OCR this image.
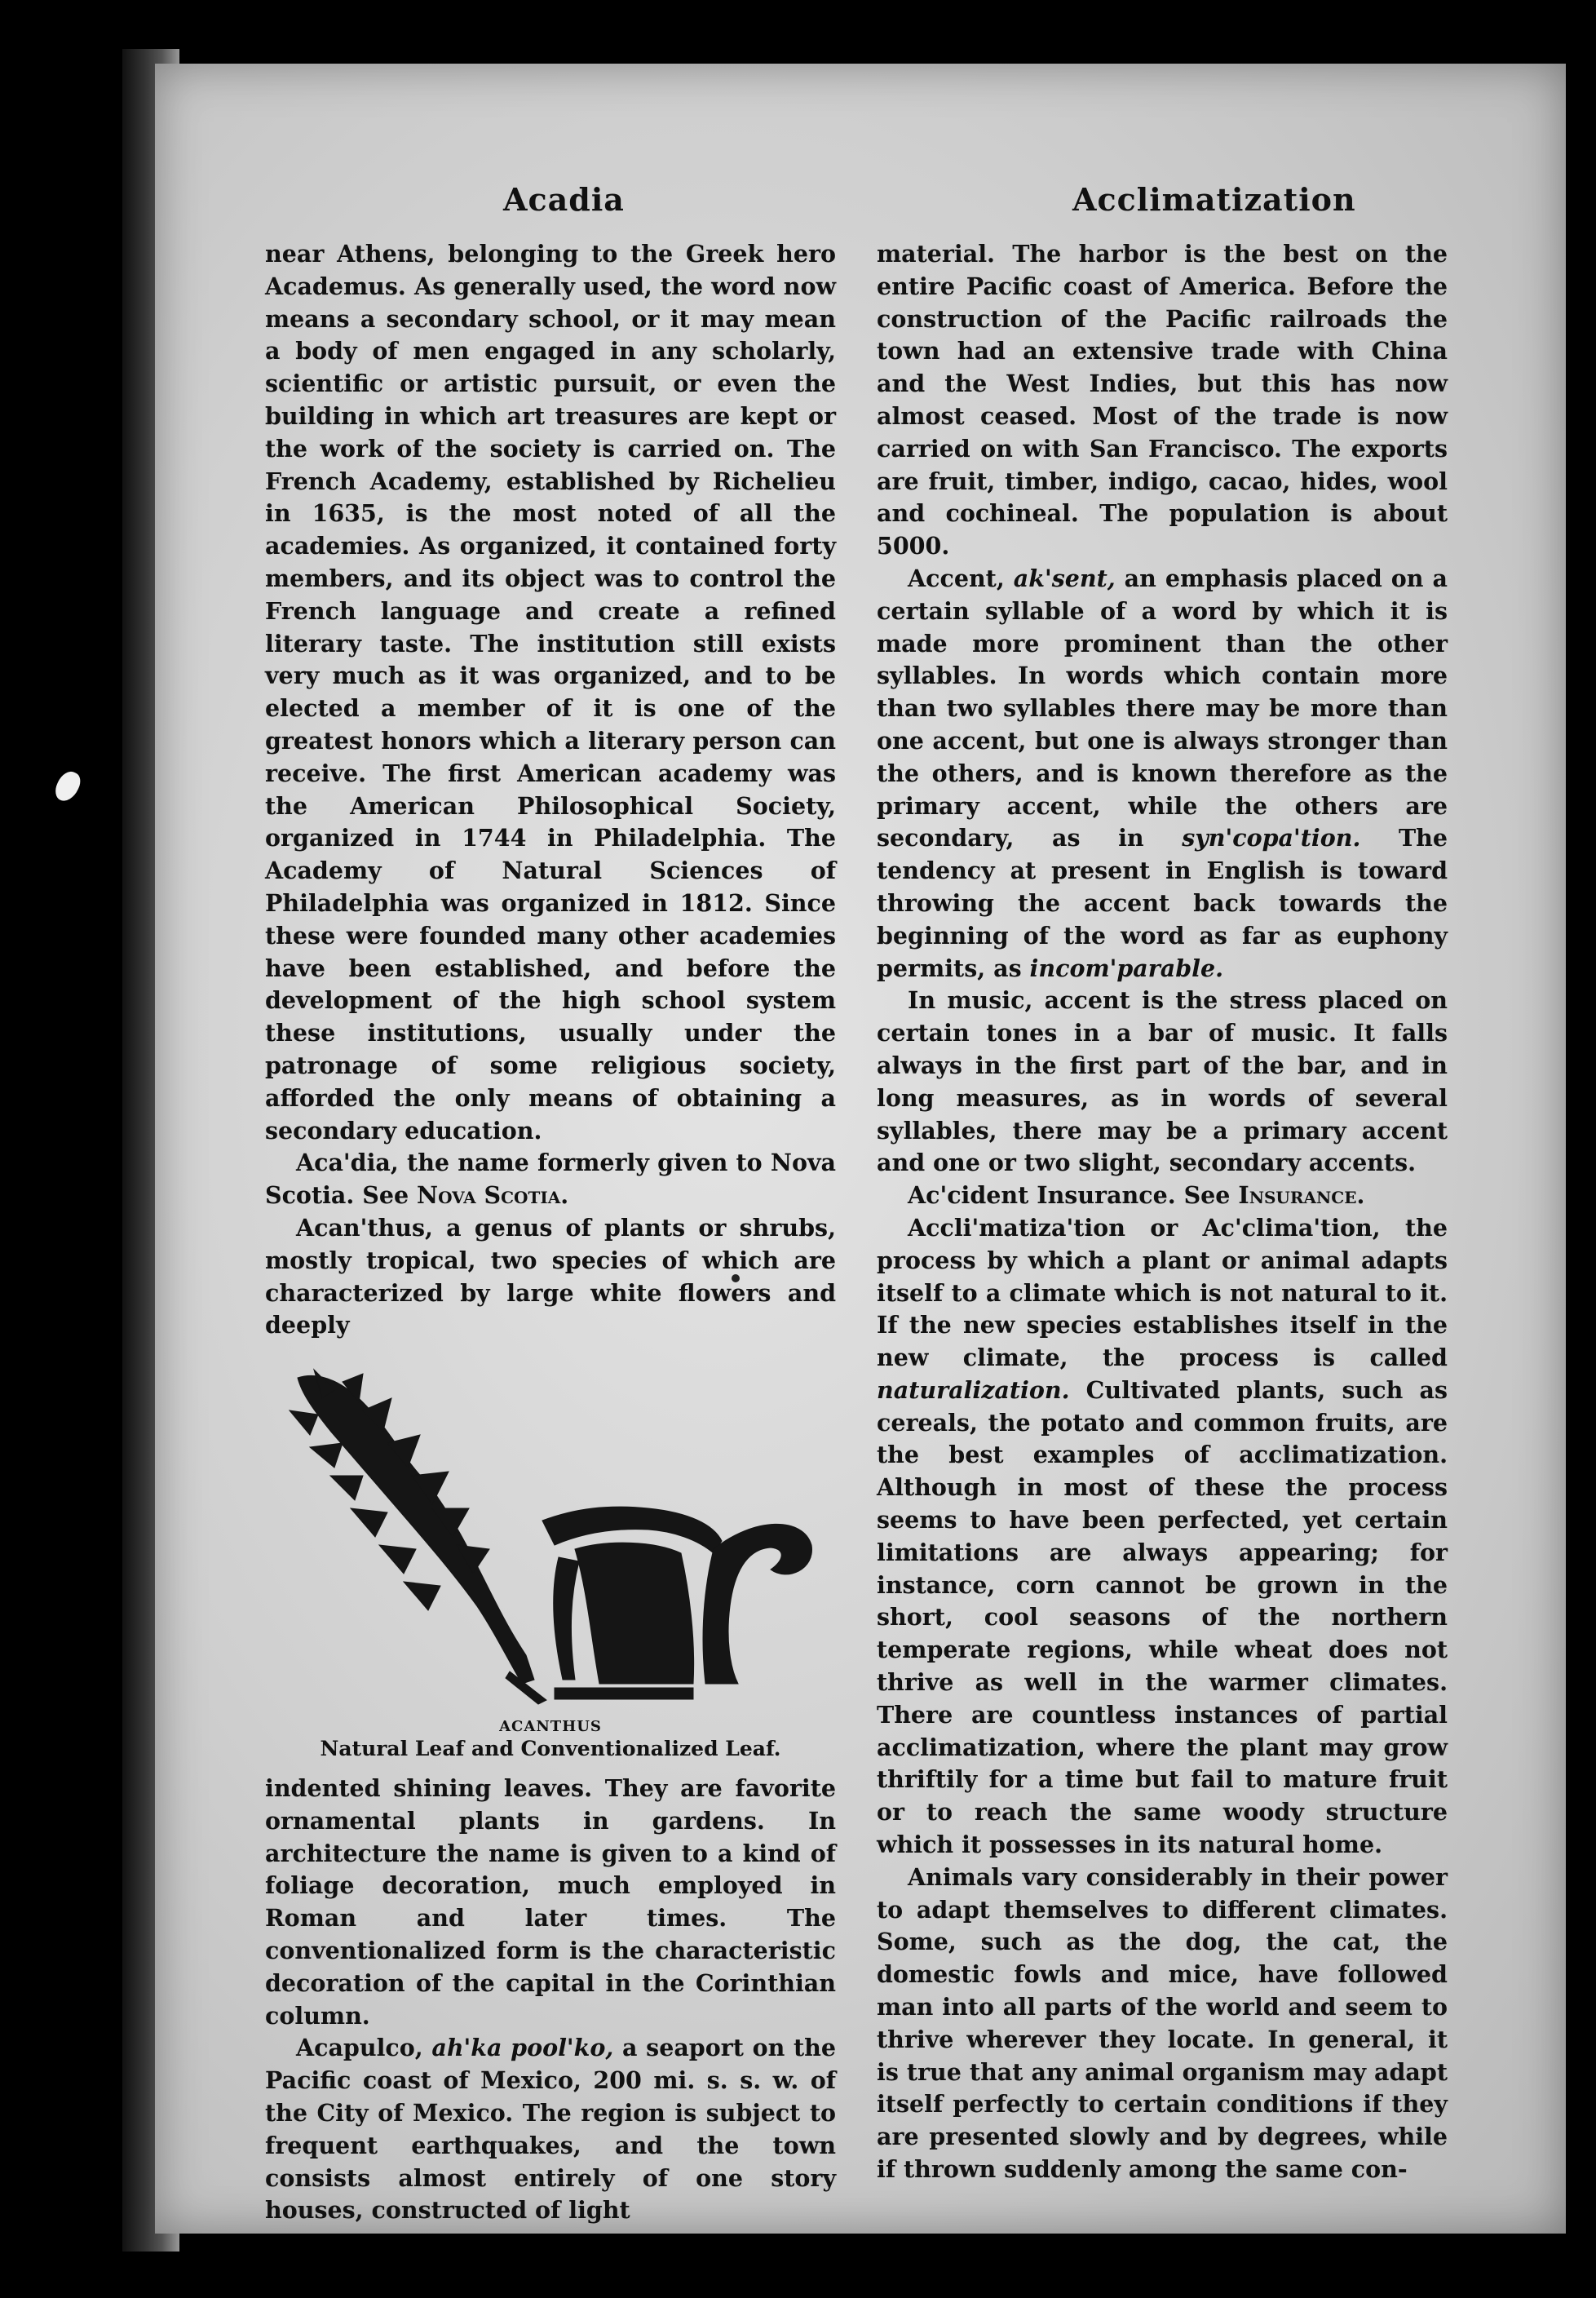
Acadia	Acclimatization

near Athens, belonging to the Greek hero Academus. As generally used, the word now means a secondary school, or it may mean a body of men engaged in any scholarly, scientific or artistic pursuit, or even the building in which art treasures are kept or the work of the society is carried on. The French Academy, established by Richelieu in 1635, is the most noted of all the academies. As organized, it contained forty members, and its object was to control the French language and create a refined literary taste. The institution still exists very much as it was organized, and to be elected a member of it is one of the greatest honors which a literary person can receive. The first American academy was the American Philosophical Society, organized in 1744 in Philadelphia. The Academy of Natural Sciences of Philadelphia was organized in 1812. Since these were founded many other academies have been established, and before the development of the high school system these institutions, usually under the patronage of some religious society, afforded the only means of obtaining a secondary education.

Aca'dia, the name formerly given to Nova Scotia. See Nova Scotia.

Acan'thus, a genus of plants or shrubs, mostly tropical, two species of which are characterized by large white flowers and deeply

ACANTHUS

Natural Leaf and Conventionalized Leaf.

indented shining leaves. They are favorite ornamental plants in gardens. In architecture the name is given to a kind of foliage decoration, much employed in Roman and later times. The conventionalized form is the characteristic decoration of the capital in the Corinthian column.

Acapulco, ah'ka pool'ko, a seaport on the Pacific coast of Mexico, 200 mi. s. s. w. of the City of Mexico. The region is subject to frequent earthquakes, and the town consists almost entirely of one story houses, constructed of light

material. The harbor is the best on the entire Pacific coast of America. Before the construction of the Pacific railroads the town had an extensive trade with China and the West Indies, but this has now almost ceased. Most of the trade is now carried on with San Francisco. The exports are fruit, timber, indigo, cacao, hides, wool and cochineal. The population is about 5000.

Accent, ak'sent, an emphasis placed on a certain syllable of a word by which it is made more prominent than the other syllables. In words which contain more than two syllables there may be more than one accent, but one is always stronger than the others, and is known therefore as the primary accent, while the others are secondary, as in syn'copa'tion. The tendency at present in English is toward throwing the accent back towards the beginning of the word as far as euphony permits, as incom'parable.

In music, accent is the stress placed on certain tones in a bar of music. It falls always in the first part of the bar, and in long measures, as in words of several syllables, there may be a primary accent and one or two slight, secondary accents.

Ac'cident Insurance. See Insurance.

Accli'matiza'tion or Ac'clima'tion, the process by which a plant or animal adapts itself to a climate which is not natural to it. If the new species establishes itself in the new climate, the process is called naturalization. Cultivated plants, such as cereals, the potato and common fruits, are the best examples of acclimatization. Although in most of these the process seems to have been perfected, yet certain limitations are always appearing; for instance, corn cannot be grown in the short, cool seasons of the northern temperate regions, while wheat does not thrive as well in the warmer climates. There are countless instances of partial acclimatization, where the plant may grow thriftily for a time but fail to mature fruit or to reach the same woody structure which it possesses in its natural home.

Animals vary considerably in their power to adapt themselves to different climates. Some, such as the dog, the cat, the domestic fowls and mice, have followed man into all parts of the world and seem to thrive wherever they locate. In general, it is true that any animal organism may adapt itself perfectly to certain conditions if they are presented slowly and by degrees, while if thrown suddenly among the same con-
